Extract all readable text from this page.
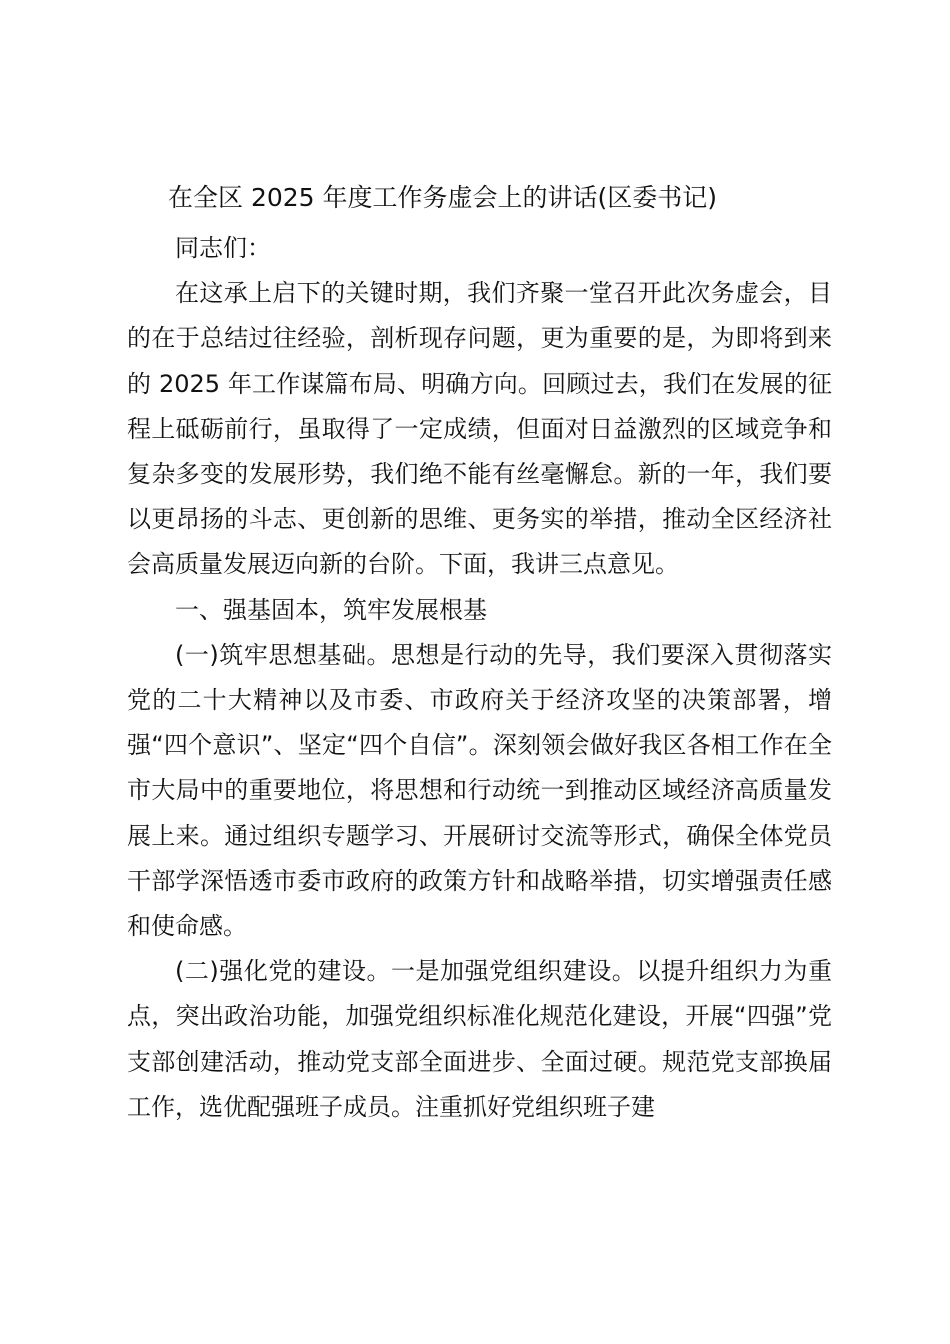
在全区 2025 年度工作务虚会上的讲话(区委书记)

同志们：

在这承上启下的关键时期，我们齐聚一堂召开此次务虚会，目的在于总结过往经验，剖析现存问题，更为重要的是，为即将到来的 2025 年工作谋篇布局、明确方向。回顾过去，我们在发展的征程上砥砺前行，虽取得了一定成绩，但面对日益激烈的区域竞争和复杂多变的发展形势，我们绝不能有丝毫懈怠。新的一年，我们要以更昂扬的斗志、更创新的思维、更务实的举措，推动全区经济社会高质量发展迈向新的台阶。下面，我讲三点意见。

一、强基固本，筑牢发展根基

(一)筑牢思想基础。思想是行动的先导，我们要深入贯彻落实党的二十大精神以及市委、市政府关于经济攻坚的决策部署，增强“四个意识”、坚定“四个自信”。深刻领会做好我区各相工作在全市大局中的重要地位，将思想和行动统一到推动区域经济高质量发展上来。通过组织专题学习、开展研讨交流等形式，确保全体党员干部学深悟透市委市政府的政策方针和战略举措，切实增强责任感和使命感。

(二)强化党的建设。一是加强党组织建设。以提升组织力为重点，突出政治功能，加强党组织标准化规范化建设，开展“四强”党支部创建活动，推动党支部全面进步、全面过硬。规范党支部换届工作，选优配强班子成员。注重抓好党组织班子建
